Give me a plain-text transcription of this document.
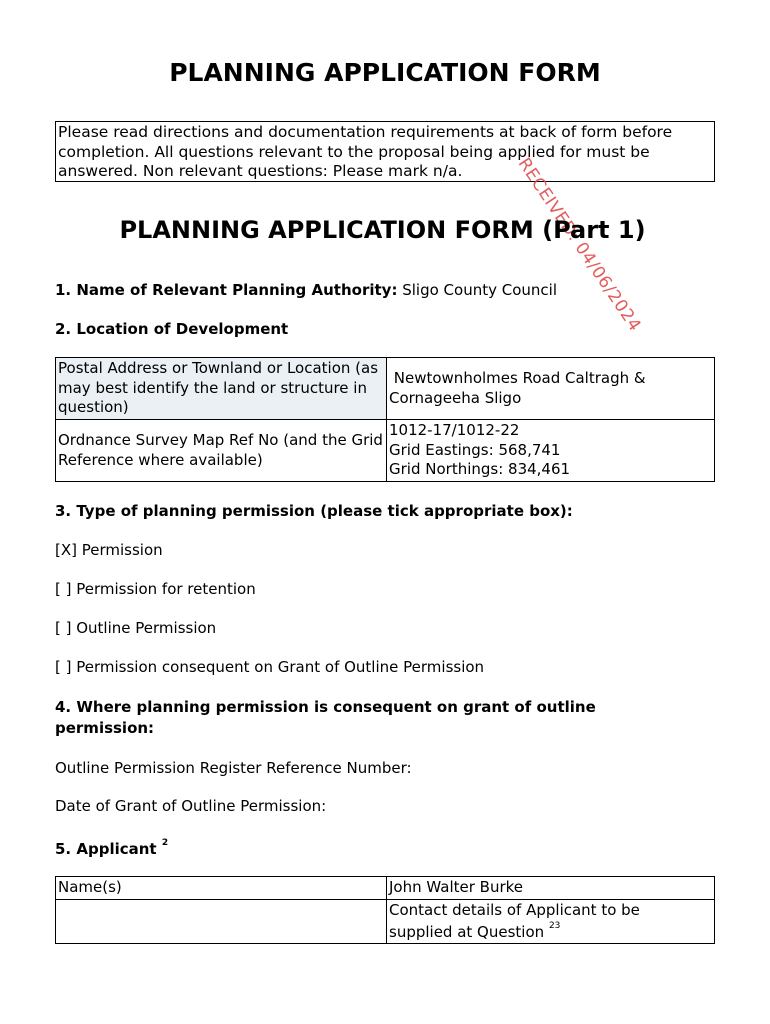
PLANNING APPLICATION FORM
Please read directions and documentation requirements at back of form before completion. All questions relevant to the proposal being applied for must be answered. Non relevant questions: Please mark n/a.	RECEIVED: 04/06/2024
PLANNING APPLICATION FORM (Part 1)
1. Name of Relevant Planning Authority: Sligo County Council
2. Location of Development
Postal Address or Townland or Location (as may best identify the land or structure in question)	Newtownholmes Road Caltragh &
Cornageeha Sligo

Ordnance Survey Map Ref No (and the Grid Reference where available)	1012-17/1012-22
Grid Eastings: 568,741
Grid Northings: 834,461
3. Type of planning permission (please tick appropriate box):
[X] Permission
[ ] Permission for retention
[ ] Outline Permission
[ ] Permission consequent on Grant of Outline Permission
4. Where planning permission is consequent on grant of outline
permission:
Outline Permission Register Reference Number:
Date of Grant of Outline Permission:
5. Applicant $^2$
Name(s)	John Walter Burke

	Contact details of Applicant to be
supplied at Question $^{23}$
